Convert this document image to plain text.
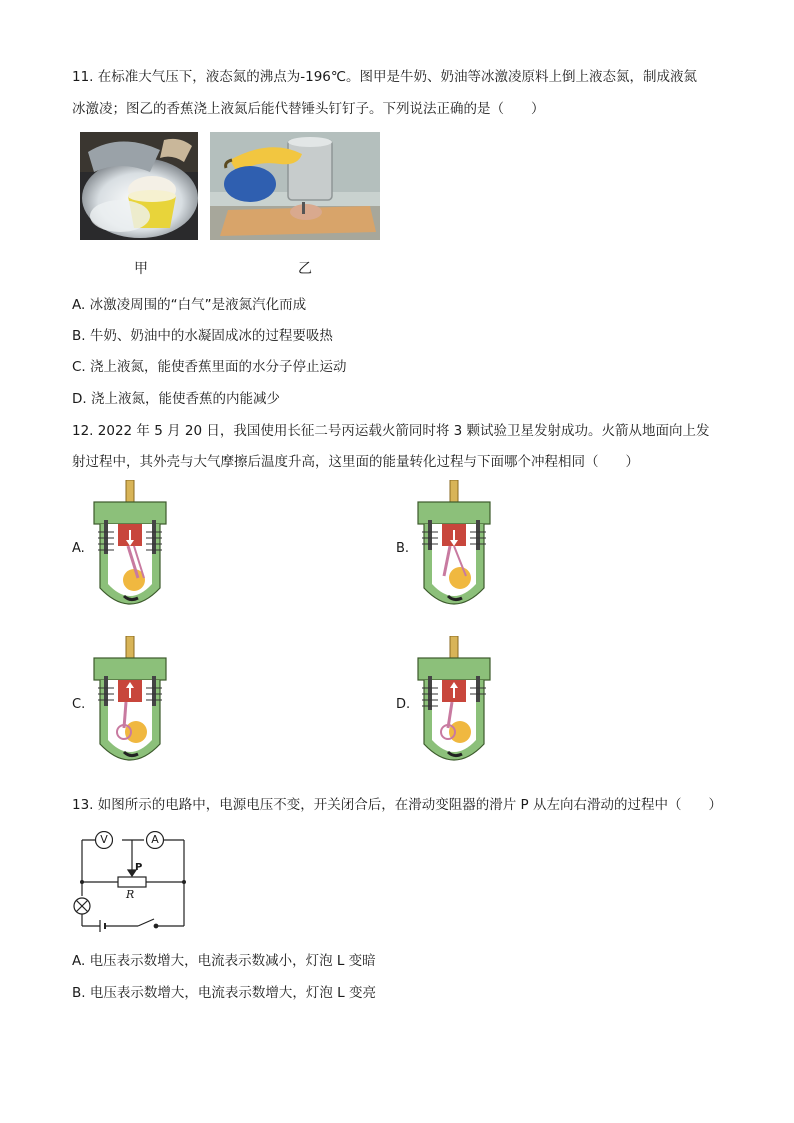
11. 在标准大气压下，液态氮的沸点为-196℃。图甲是牛奶、奶油等冰激凌原料上倒上液态氮，制成液氮
冰激凌；图乙的香蕉浇上液氮后能代替锤头钉钉子。下列说法正确的是（　　）
甲	乙
A. 冰激凌周围的“白气”是液氮汽化而成
B. 牛奶、奶油中的水凝固成冰的过程要吸热
C. 浇上液氮，能使香蕉里面的水分子停止运动
D. 浇上液氮，能使香蕉的内能减少
12. 2022 年 5 月 20 日，我国使用长征二号丙运载火箭同时将 3 颗试验卫星发射成功。火箭从地面向上发
射过程中，其外壳与大气摩擦后温度升高，这里面的能量转化过程与下面哪个冲程相同（　　）
A.	B.
C.	D.
13. 如图所示的电路中，电源电压不变，开关闭合后，在滑动变阻器的滑片 P 从左向右滑动的过程中（　　）
V	A
P
R
A. 电压表示数增大，电流表示数减小，灯泡 L 变暗
B. 电压表示数增大，电流表示数增大，灯泡 L 变亮
